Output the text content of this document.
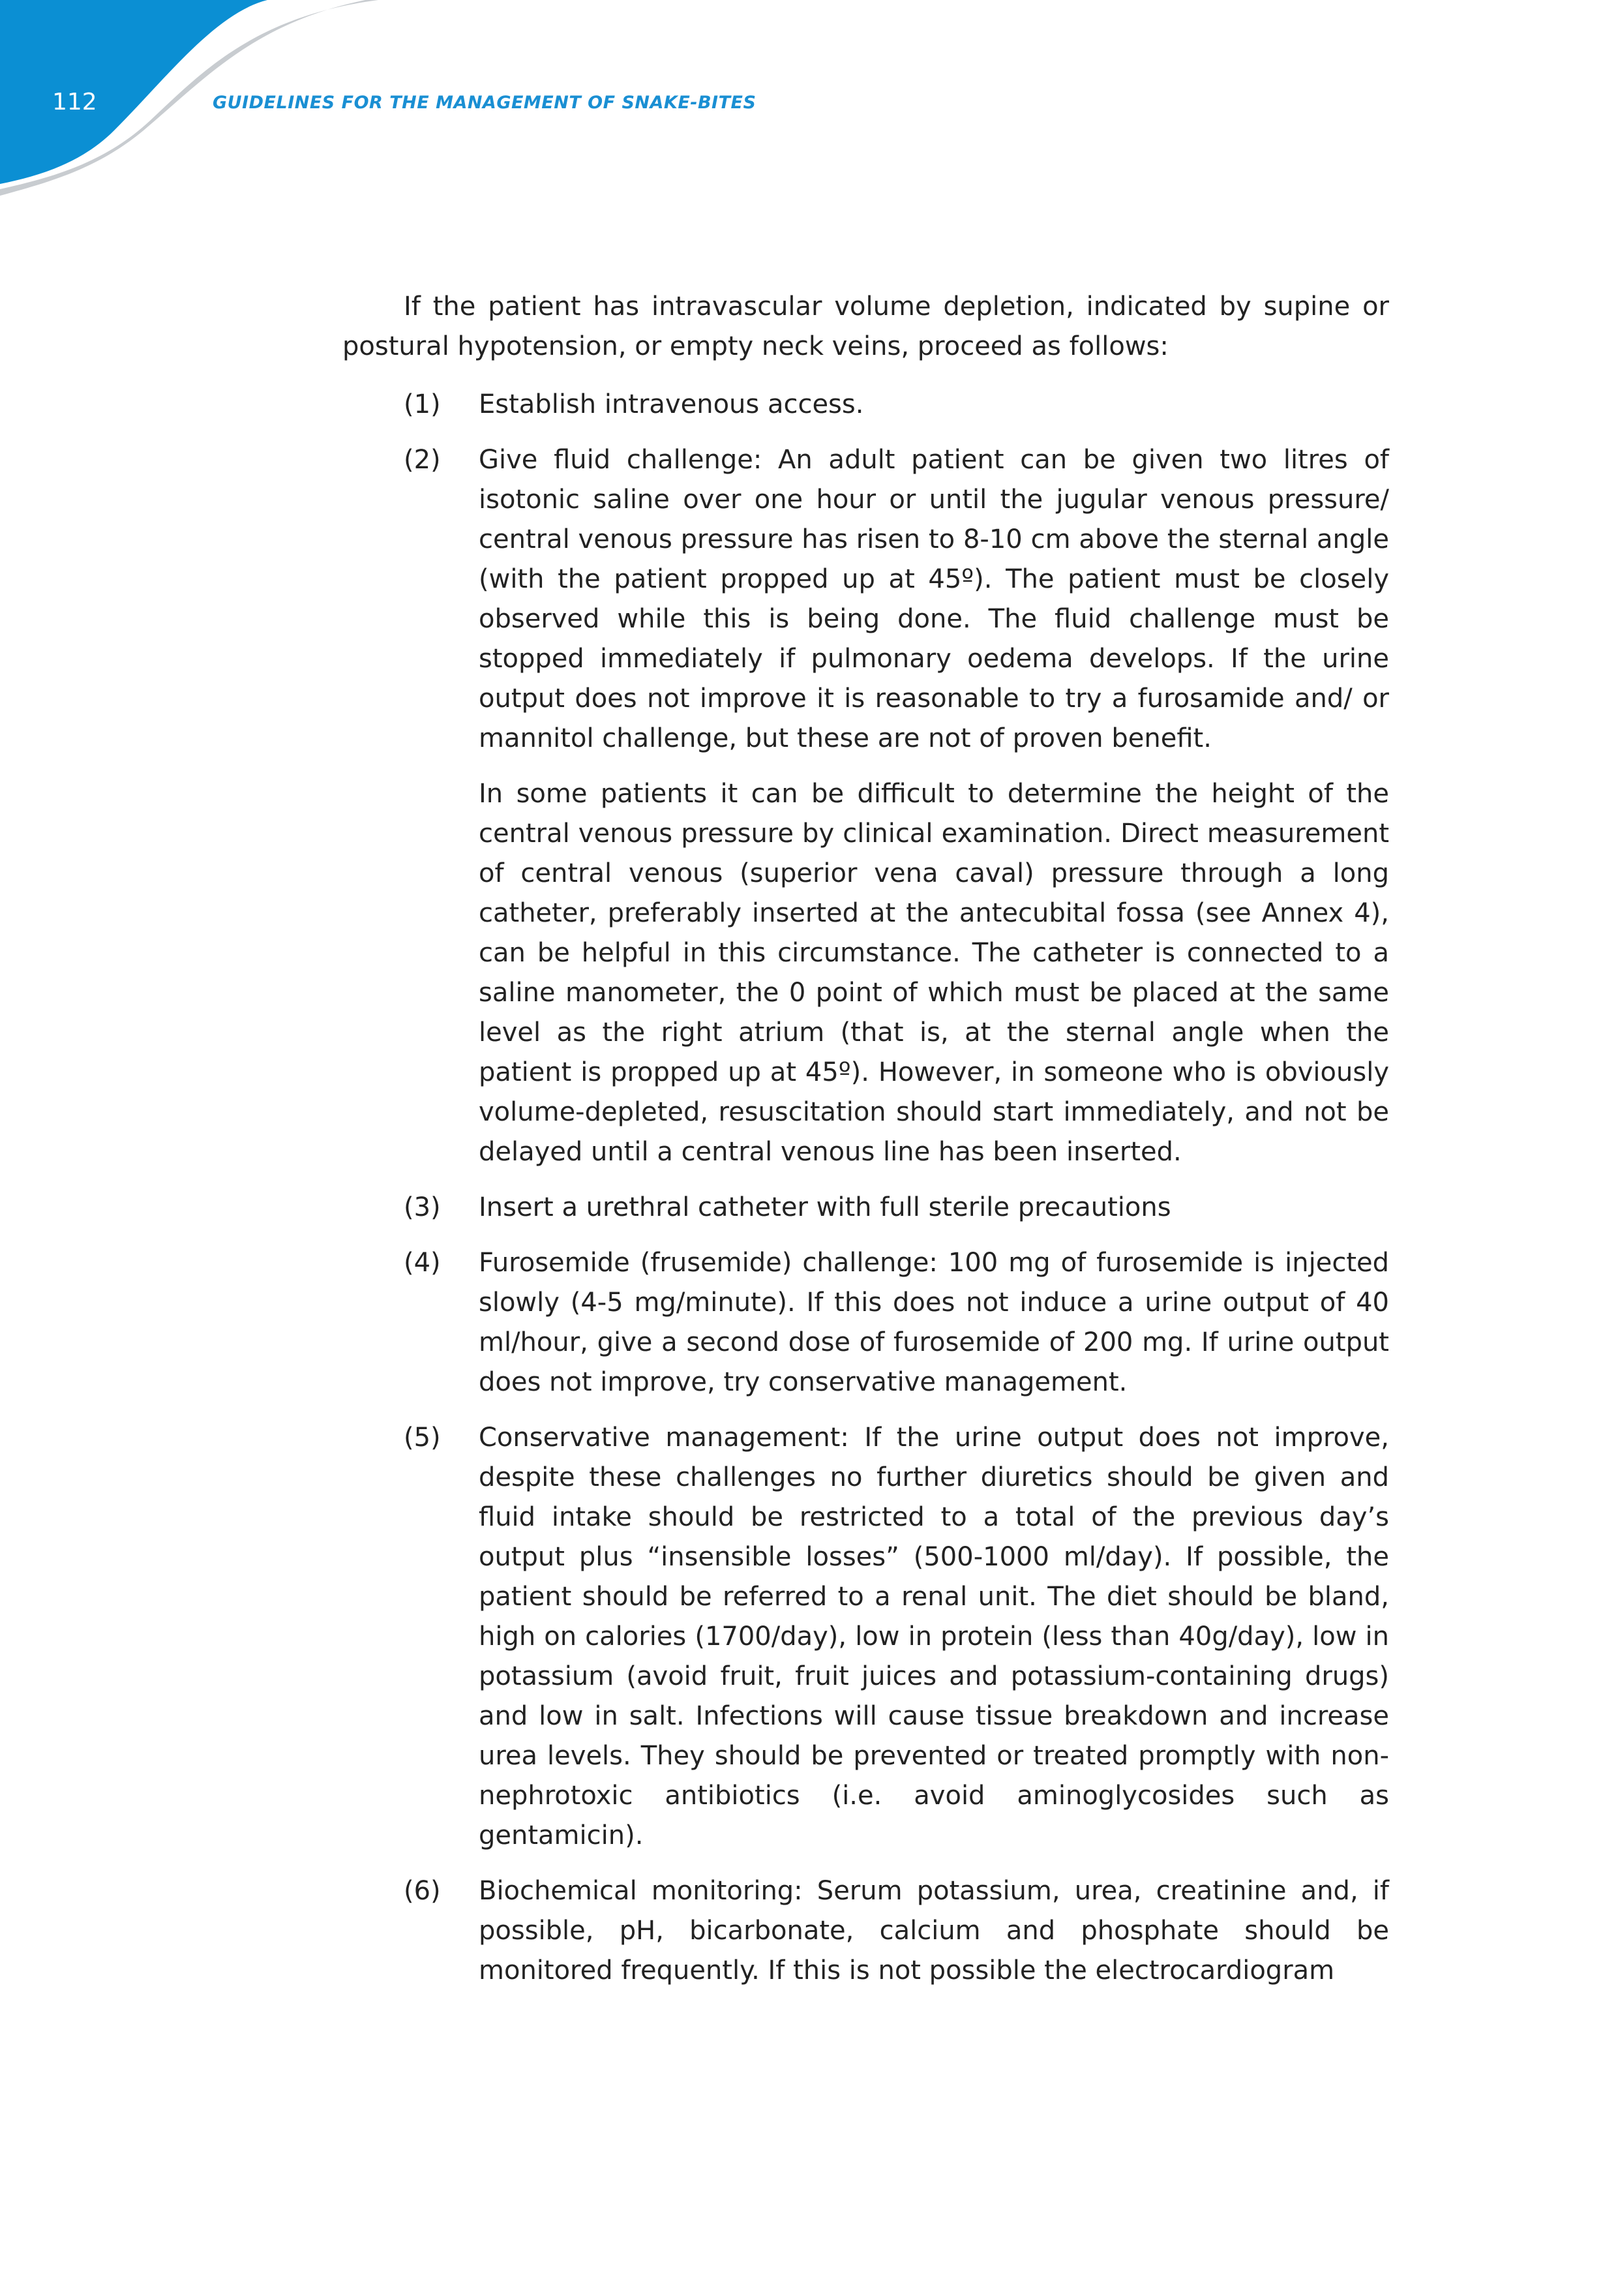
112	GUIDELINES FOR THE MANAGEMENT OF SNAKE-BITES

If the patient has intravascular volume depletion, indicated by supine or postural hypotension, or empty neck veins, proceed as follows:

(1)	Establish intravenous access.

(2)	Give fluid challenge: An adult patient can be given two litres of isotonic saline over one hour or until the jugular venous pressure/ central venous pressure has risen to 8-10 cm above the sternal angle (with the patient propped up at 45º). The patient must be closely observed while this is being done. The fluid challenge must be stopped immediately if pulmonary oedema develops. If the urine output does not improve it is reasonable to try a furosamide and/ or mannitol challenge, but these are not of proven benefit.

In some patients it can be difficult to determine the height of the central venous pressure by clinical examination. Direct measurement of central venous (superior vena caval) pressure through a long catheter, preferably inserted at the antecubital fossa (see Annex 4), can be helpful in this circumstance. The catheter is connected to a saline manometer, the 0 point of which must be placed at the same level as the right atrium (that is, at the sternal angle when the patient is propped up at 45º). However, in someone who is obviously volume-depleted, resuscitation should start immediately, and not be delayed until a central venous line has been inserted.

(3)	Insert a urethral catheter with full sterile precautions

(4)	Furosemide (frusemide) challenge: 100 mg of furosemide is injected slowly (4-5 mg/minute). If this does not induce a urine output of 40 ml/hour, give a second dose of furosemide of 200 mg. If urine output does not improve, try conservative management.

(5)	Conservative management: If the urine output does not improve, despite these challenges no further diuretics should be given and fluid intake should be restricted to a total of the previous day’s output plus “insensible losses” (500-1000 ml/day). If possible, the patient should be referred to a renal unit. The diet should be bland, high on calories (1700/day), low in protein (less than 40g/day), low in potassium (avoid fruit, fruit juices and potassium-containing drugs) and low in salt. Infections will cause tissue breakdown and increase urea levels. They should be prevented or treated promptly with non-nephrotoxic antibiotics (i.e. avoid aminoglycosides such as gentamicin).

(6)	Biochemical monitoring: Serum potassium, urea, creatinine and, if possible, pH, bicarbonate, calcium and phosphate should be monitored frequently. If this is not possible the electrocardiogram
